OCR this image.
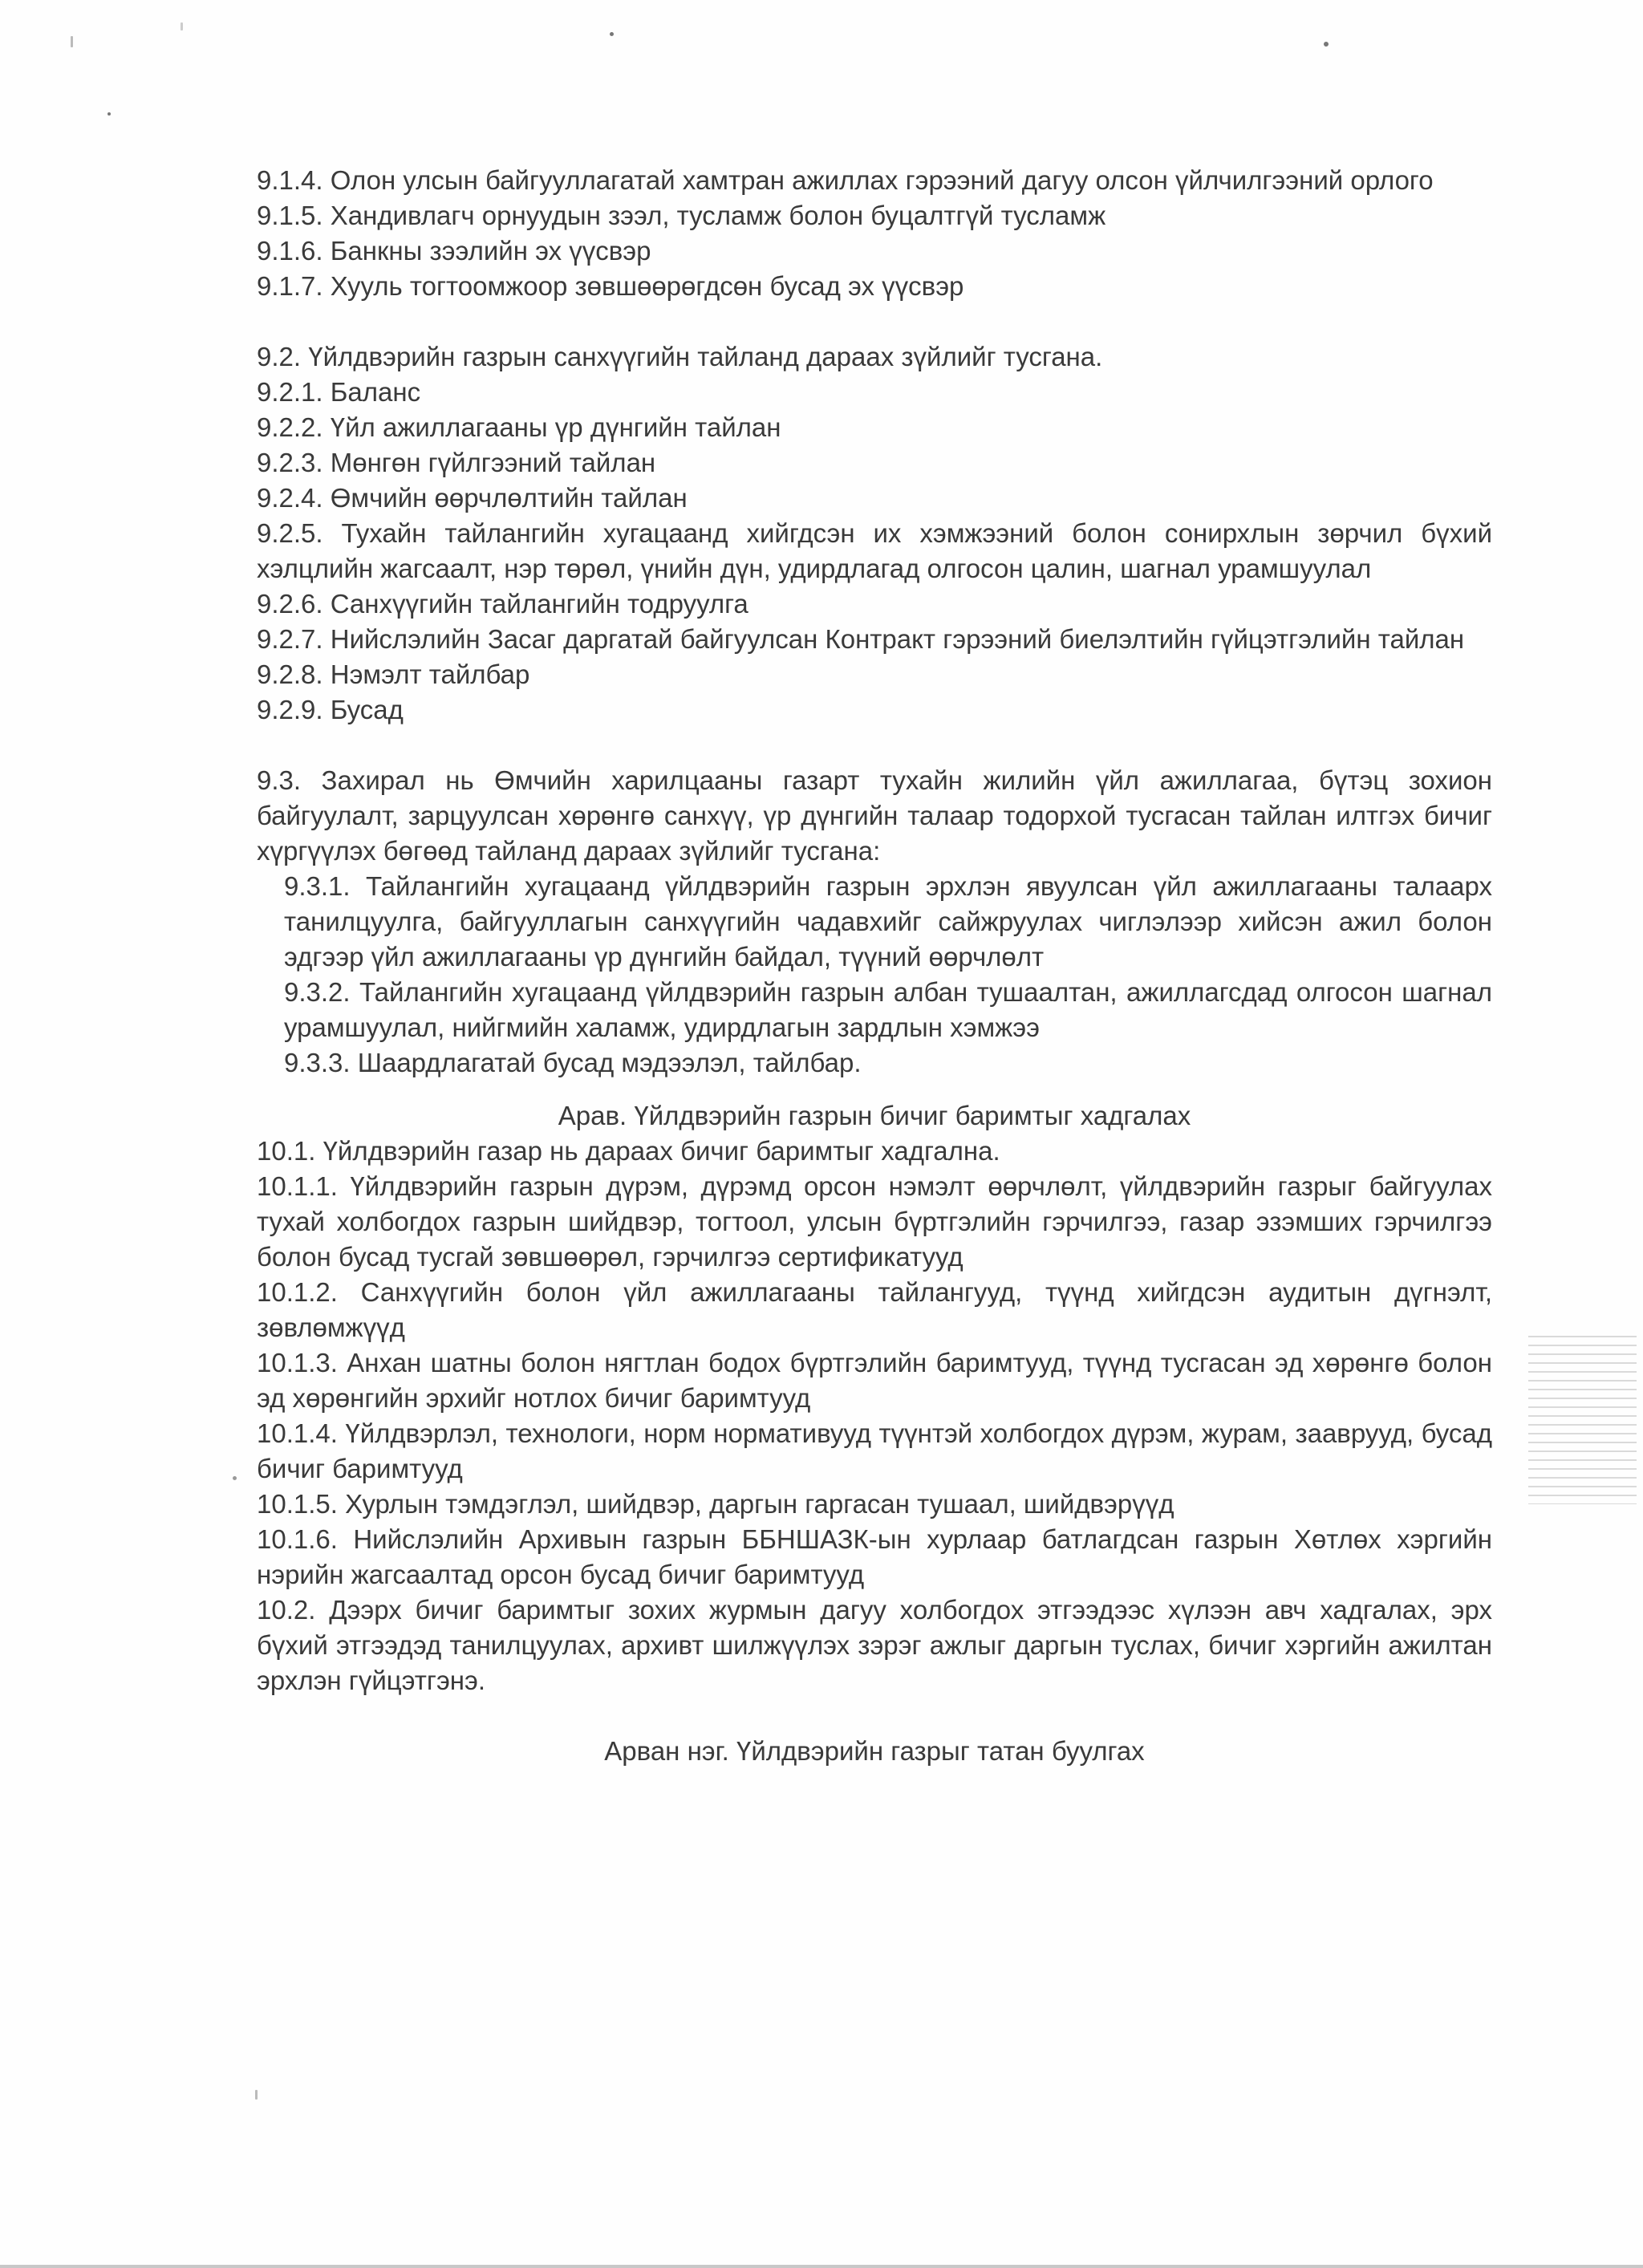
9.1.4. Олон улсын байгууллагатай хамтран ажиллах гэрээний дагуу олсон үйлчилгээний орлого

9.1.5. Хандивлагч орнуудын зээл, тусламж болон буцалтгүй тусламж

9.1.6. Банкны зээлийн эх үүсвэр

9.1.7. Хууль тогтоомжоор зөвшөөрөгдсөн бусад эх үүсвэр

9.2. Үйлдвэрийн газрын санхүүгийн тайланд дараах зүйлийг тусгана.

9.2.1. Баланс

9.2.2. Үйл ажиллагааны үр дүнгийн тайлан

9.2.3. Мөнгөн гүйлгээний тайлан

9.2.4. Өмчийн өөрчлөлтийн тайлан

9.2.5. Тухайн тайлангийн хугацаанд хийгдсэн их хэмжээний болон сонирхлын зөрчил бүхий хэлцлийн жагсаалт, нэр төрөл, үнийн дүн, удирдлагад олгосон цалин, шагнал урамшуулал

9.2.6. Санхүүгийн тайлангийн тодруулга

9.2.7. Нийслэлийн Засаг даргатай байгуулсан Контракт гэрээний биелэлтийн гүйцэтгэлийн тайлан

9.2.8. Нэмэлт тайлбар

9.2.9. Бусад

9.3. Захирал нь Өмчийн харилцааны газарт тухайн жилийн үйл ажиллагаа, бүтэц зохион байгуулалт, зарцуулсан хөрөнгө санхүү, үр дүнгийн талаар тодорхой тусгасан тайлан илтгэх бичиг хүргүүлэх бөгөөд тайланд дараах зүйлийг тусгана:

9.3.1. Тайлангийн хугацаанд үйлдвэрийн газрын эрхлэн явуулсан үйл ажиллагааны талаарх танилцуулга, байгууллагын санхүүгийн чадавхийг сайжруулах чиглэлээр хийсэн ажил болон эдгээр үйл ажиллагааны үр дүнгийн байдал, түүний өөрчлөлт

9.3.2. Тайлангийн хугацаанд үйлдвэрийн газрын албан тушаалтан, ажиллагсдад олгосон шагнал урамшуулал, нийгмийн халамж, удирдлагын зардлын хэмжээ

9.3.3. Шаардлагатай бусад мэдээлэл, тайлбар.

Арав. Үйлдвэрийн газрын бичиг баримтыг хадгалах

10.1. Үйлдвэрийн газар нь дараах бичиг баримтыг хадгална.

10.1.1. Үйлдвэрийн газрын дүрэм, дүрэмд орсон нэмэлт өөрчлөлт, үйлдвэрийн газрыг байгуулах тухай холбогдох газрын шийдвэр, тогтоол, улсын бүртгэлийн гэрчилгээ, газар эзэмших гэрчилгээ болон бусад тусгай зөвшөөрөл, гэрчилгээ сертификатууд

10.1.2. Санхүүгийн болон үйл ажиллагааны тайлангууд, түүнд хийгдсэн аудитын дүгнэлт, зөвлөмжүүд

10.1.3. Анхан шатны болон нягтлан бодох бүртгэлийн баримтууд, түүнд тусгасан эд хөрөнгө болон эд хөрөнгийн эрхийг нотлох бичиг баримтууд

10.1.4. Үйлдвэрлэл, технологи, норм нормативууд түүнтэй холбогдох дүрэм, журам, зааврууд, бусад бичиг баримтууд

10.1.5. Хурлын тэмдэглэл, шийдвэр, даргын гаргасан тушаал, шийдвэрүүд

10.1.6. Нийслэлийн Архивын газрын ББНШАЗК-ын хурлаар батлагдсан газрын Хөтлөх хэргийн нэрийн жагсаалтад орсон бусад бичиг баримтууд

10.2. Дээрх бичиг баримтыг зохих журмын дагуу холбогдох этгээдээс хүлээн авч хадгалах, эрх бүхий этгээдэд танилцуулах, архивт шилжүүлэх зэрэг ажлыг даргын туслах, бичиг хэргийн ажилтан эрхлэн гүйцэтгэнэ.

Арван нэг. Үйлдвэрийн газрыг татан буулгах
